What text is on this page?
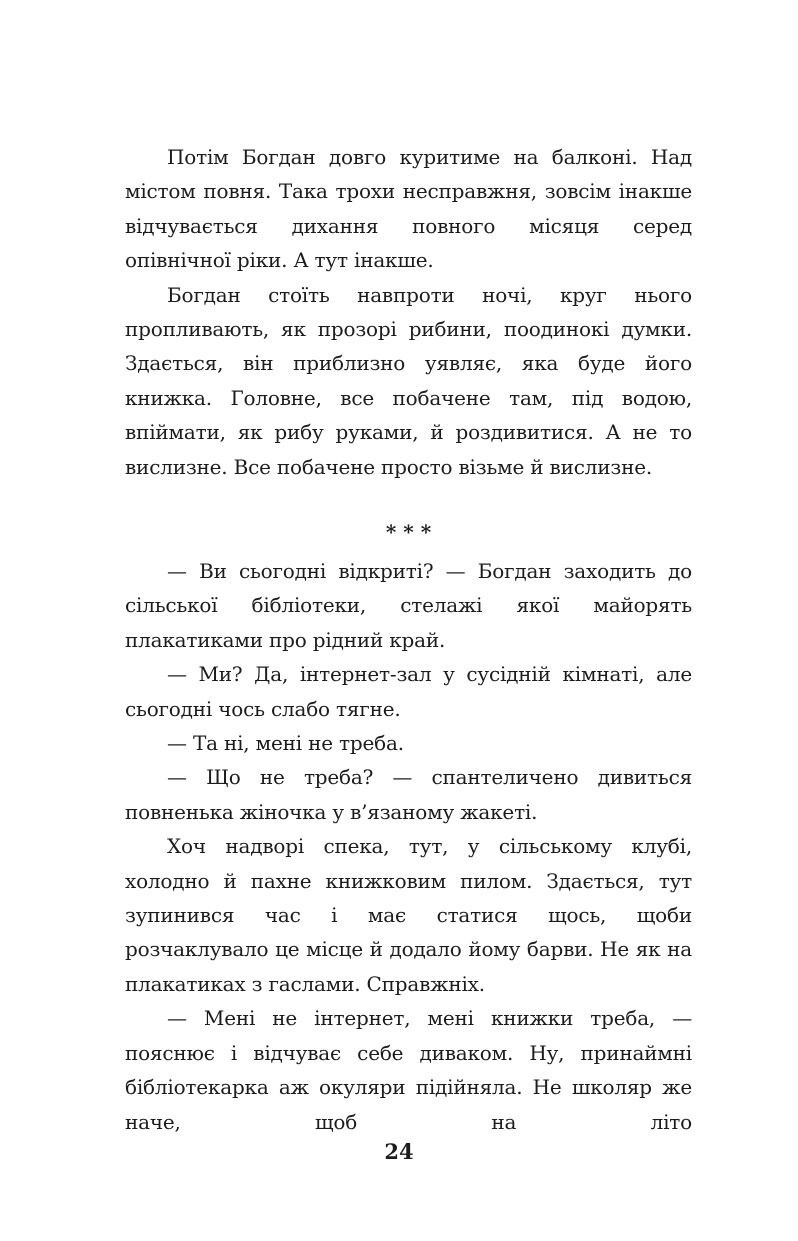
Потім Богдан довго куритиме на балконі. Над містом повня. Така трохи несправжня, зовсім інакше відчувається дихання повного місяця серед опівнічної ріки. А тут інакше.

Богдан стоїть навпроти ночі, круг нього пропливають, як прозорі рибини, поодинокі думки. Здається, він приблизно уявляє, яка буде його книжка. Головне, все побачене там, під водою, впіймати, як рибу руками, й роздивитися. А не то вислизне. Все побачене просто візьме й вислизне.

* * *

— Ви сьогодні відкриті? — Богдан заходить до сільської бібліотеки, стелажі якої майорять плакатиками про рідний край.

— Ми? Да, інтернет-зал у сусідній кімнаті, але сьогодні чось слабо тягне.

— Та ні, мені не треба.

— Що не треба? — спантеличено дивиться повненька жіночка у в’язаному жакеті.

Хоч надворі спека, тут, у сільському клубі, холодно й пахне книжковим пилом. Здається, тут зупинився час і має статися щось, щоби розчаклувало це місце й додало йому барви. Не як на плакатиках з гаслами. Справжніх.

— Мені не інтернет, мені книжки треба, — пояснює і відчуває себе диваком. Ну, принаймні бібліотекарка аж окуляри підійняла. Не школяр же наче, щоб на літо

24
